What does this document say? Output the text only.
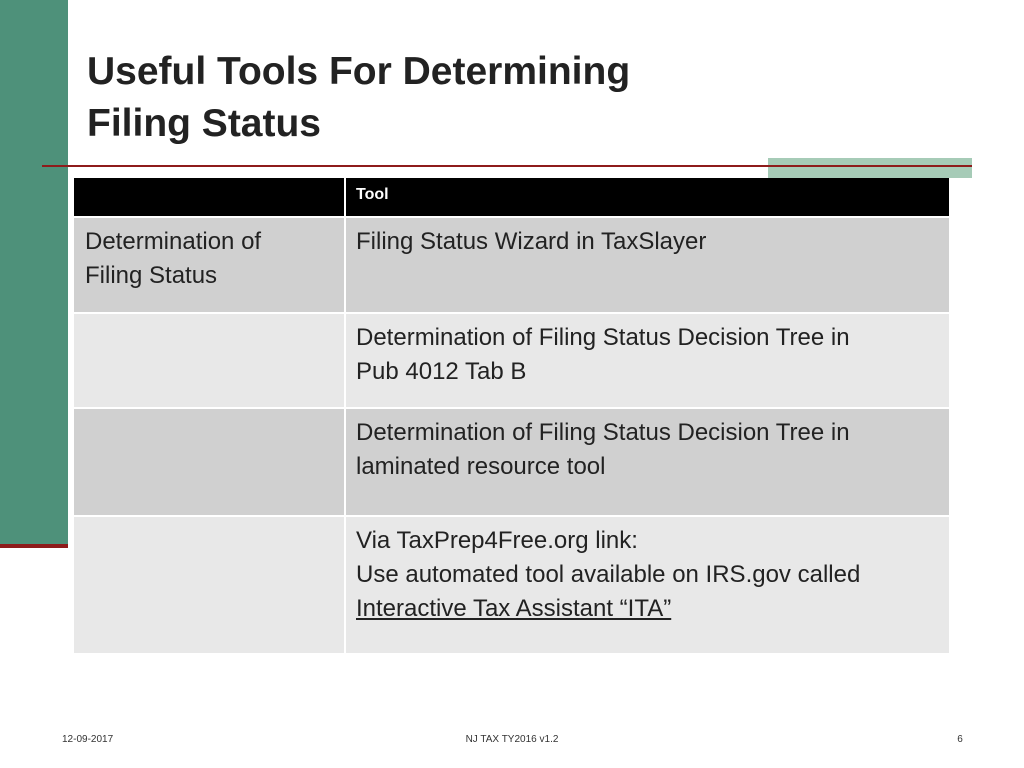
Useful Tools For Determining
Filing Status
Tool
Determination of
Filing Status
Filing Status Wizard in TaxSlayer
Determination of Filing Status Decision Tree in
Pub 4012 Tab B
Determination of Filing Status Decision Tree in
laminated resource tool
Via TaxPrep4Free.org link:
Use automated tool available on IRS.gov called
Interactive Tax Assistant “ITA”
12-09-2017	NJ TAX TY2016 v1.2	6
